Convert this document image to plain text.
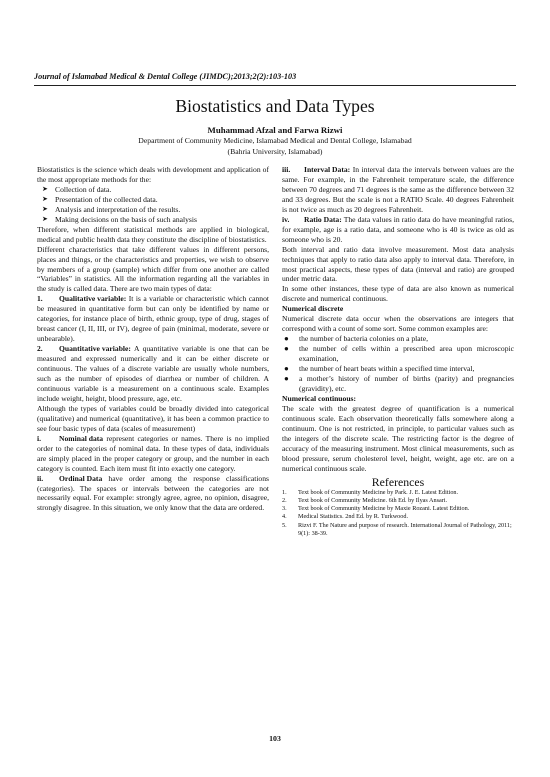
Journal of Islamabad Medical & Dental College (JIMDC);2013;2(2):103-103
Biostatistics and Data Types
Muhammad Afzal and Farwa Rizwi
Department of Community Medicine, Islamabad Medical and Dental College, Islamabad
(Bahria University, Islamabad)

Biostatistics is the science which deals with development and application of the most appropriate methods for the:

➤ Collection of data.
➤ Presentation of the collected data.
➤ Analysis and interpretation of the results.
➤ Making decisions on the basis of such analysis

Therefore, when different statistical methods are applied in biological, medical and public health data they constitute the discipline of biostatistics.

Different characteristics that take different values in different persons, places and things, or the characteristics and properties, we wish to observe by members of a group (sample) which differ from one another are called “Variables” in statistics. All the information regarding all the variables in the study is called data. There are two main types of data:

1. Qualitative variable: It is a variable or characteristic which cannot be measured in quantitative form but can only be identified by name or categories, for instance place of birth, ethnic group, type of drug, stages of breast cancer (I, II, III, or IV), degree of pain (minimal, moderate, severe or unbearable).

2. Quantitative variable: A quantitative variable is one that can be measured and expressed numerically and it can be either discrete or continuous. The values of a discrete variable are usually whole numbers, such as the number of episodes of diarrhea or number of children. A continuous variable is a measurement on a continuous scale. Examples include weight, height, blood pressure, age, etc.

Although the types of variables could be broadly divided into categorical (qualitative) and numerical (quantitative), it has been a common practice to see four basic types of data (scales of measurement)

i. Nominal data represent categories or names. There is no implied order to the categories of nominal data. In these types of data, individuals are simply placed in the proper category or group, and the number in each category is counted. Each item must fit into exactly one category.

ii. Ordinal Data have order among the response classifications (categories). The spaces or intervals between the categories are not necessarily equal. For example: strongly agree, agree, no opinion, disagree, strongly disagree. In this situation, we only know that the data are ordered.

iii. Interval Data: In interval data the intervals between values are the same. For example, in the Fahrenheit temperature scale, the difference between 70 degrees and 71 degrees is the same as the difference between 32 and 33 degrees. But the scale is not a RATIO Scale. 40 degrees Fahrenheit is not twice as much as 20 degrees Fahrenheit.

iv. Ratio Data: The data values in ratio data do have meaningful ratios, for example, age is a ratio data, and someone who is 40 is twice as old as someone who is 20.

Both interval and ratio data involve measurement. Most data analysis techniques that apply to ratio data also apply to interval data. Therefore, in most practical aspects, these types of data (interval and ratio) are grouped under metric data.

In some other instances, these type of data are also known as numerical discrete and numerical continuous.

Numerical discrete

Numerical discrete data occur when the observations are integers that correspond with a count of some sort. Some common examples are:

● the number of bacteria colonies on a plate,
● the number of cells within a prescribed area upon microscopic examination,
● the number of heart beats within a specified time interval,
● a mother’s history of number of births (parity) and pregnancies (gravidity), etc.

Numerical continuous:

The scale with the greatest degree of quantification is a numerical continuous scale. Each observation theoretically falls somewhere along a continuum. One is not restricted, in principle, to particular values such as the integers of the discrete scale. The restricting factor is the degree of accuracy of the measuring instrument. Most clinical measurements, such as blood pressure, serum cholesterol level, height, weight, age etc. are on a numerical continuous scale.

References
1.	Text book of Community Medicine by Park. J. E. Latest Edition.
2.	Text book of Community Medicine. 6th Ed. by Ilyas Ansari.
3.	Text book of Community Medicine by Maxie Rozani. Latest Edition.
4.	Medical Statistics. 2nd Ed. by R. Turkwood.
5.	Rizvi F. The Nature and purpose of research. International Journal of Pathology, 2011; 9(1): 38-39.
103
